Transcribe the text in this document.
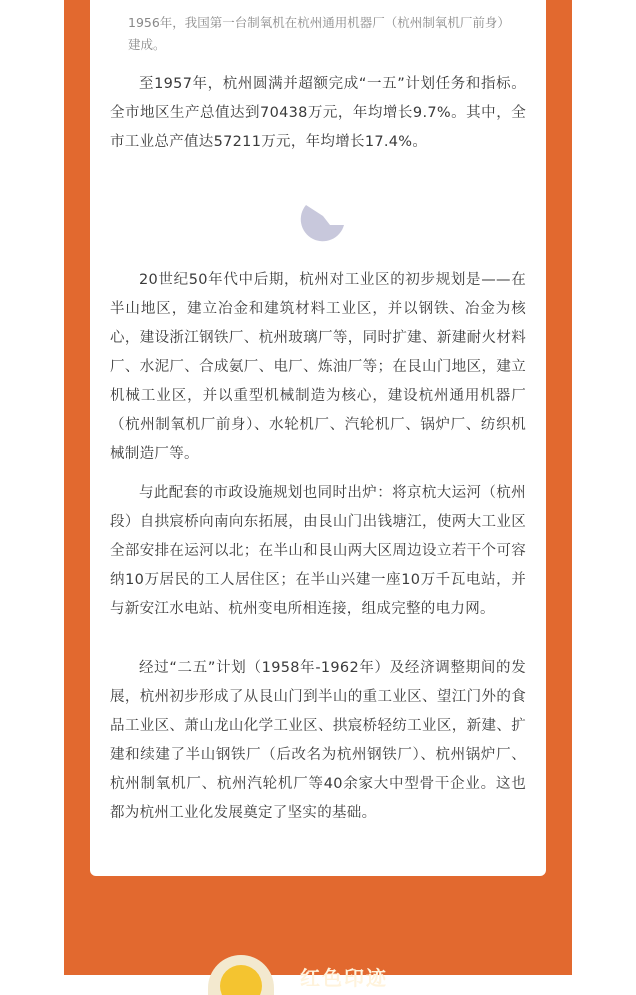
1956年，我国第一台制氧机在杭州通用机器厂（杭州制氧机厂前身）建成。

至1957年，杭州圆满并超额完成“一五”计划任务和指标。全市地区生产总值达到70438万元，年均增长9.7%。其中，全市工业总产值达57211万元，年均增长17.4%。

20世纪50年代中后期，杭州对工业区的初步规划是——在半山地区，建立冶金和建筑材料工业区，并以钢铁、冶金为核心，建设浙江钢铁厂、杭州玻璃厂等，同时扩建、新建耐火材料厂、水泥厂、合成氨厂、电厂、炼油厂等；在艮山门地区，建立机械工业区，并以重型机械制造为核心，建设杭州通用机器厂（杭州制氧机厂前身）、水轮机厂、汽轮机厂、锅炉厂、纺织机械制造厂等。

与此配套的市政设施规划也同时出炉：将京杭大运河（杭州段）自拱宸桥向南向东拓展，由艮山门出钱塘江，使两大工业区全部安排在运河以北；在半山和艮山两大区周边设立若干个可容纳10万居民的工人居住区；在半山兴建一座10万千瓦电站，并与新安江水电站、杭州变电所相连接，组成完整的电力网。

经过“二五”计划（1958年-1962年）及经济调整期间的发展，杭州初步形成了从艮山门到半山的重工业区、望江门外的食品工业区、萧山龙山化学工业区、拱宸桥轻纺工业区，新建、扩建和续建了半山钢铁厂（后改名为杭州钢铁厂）、杭州锅炉厂、杭州制氧机厂、杭州汽轮机厂等40余家大中型骨干企业。这也都为杭州工业化发展奠定了坚实的基础。

红色印迹
